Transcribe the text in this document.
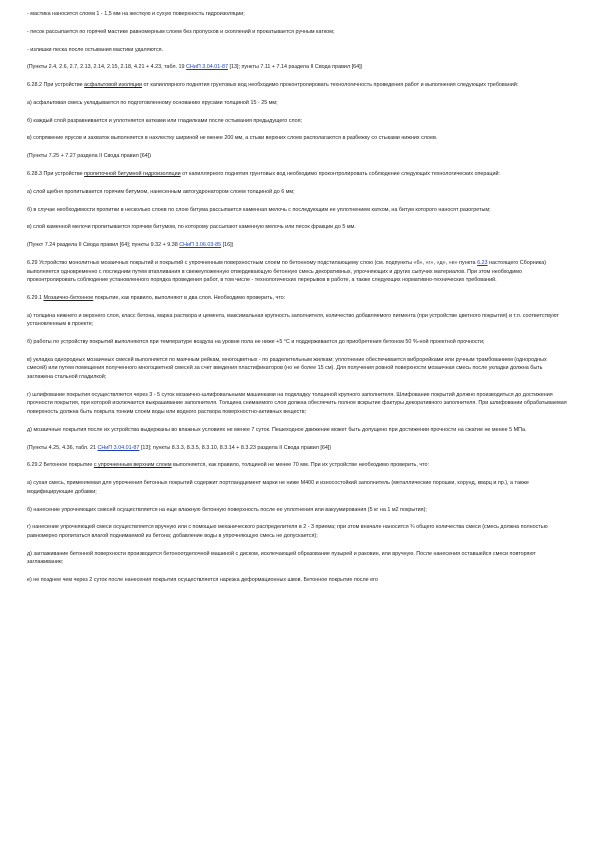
- мастика наносится слоем 1 - 1,5 мм на жесткую и сухую поверхность гидроизоляции;

- песок рассыпается по горячей мастике равномерным слоем без пропусков и скоплений и прокатывается ручным катком;

- излишки песка после остывания мастики удаляются.

(Пункты 2.4, 2.6, 2.7, 2.13, 2.14, 2.15, 2.18, 4.21 + 4.23, табл. 19 СНиП 3.04.01-87 [13]; пункты 7.11 + 7.14 раздела II Свода правил [64])

6.28.2 При устройстве асфальтовой изоляции от капиллярного поднятия грунтовых вод необходимо проконтролировать технологичность проведения работ и выполнения следующих требований:

а) асфальтовая смесь укладывается по подготовленному основанию ярусами толщиной 15 - 25 мм;

б) каждый слой разравнивается и уплотняется катками или гладилками после остывания предыдущего слоя;

в) сопряжение ярусов и захваток выполняется в нахлестку шириной не менее 200 мм, а стыки верхних слоев располагаются в разбежку со стыками нижних слоев.

(Пункты 7.25 + 7.27 раздела II Свода правил [64])

6.28.3 При устройстве пропиточной битумной гидроизоляции от капиллярного поднятия грунтовых вод необходимо проконтролировать соблюдение следующих технологических операций:

а) слой щебня пропитывается горячим битумом, нанесенным автогудронатором слоем толщиной до 6 мм;

б) в случае необходимости пропитки в несколько слоев по слою битума рассыпается каменная мелочь с последующим ее уплотнением катком, на битум которого наносят разогретым;

в) слой каменной мелочи пропитывается горячим битумом, по которому рассыпают каменную мелочь или песок фракции до 5 мм.

(Пункт 7.24 раздела II Свода правил [64]; пункты 9.32 + 9.38 СНиП 3.06.03-85 [16])

6.29 Устройство монолитных мозаичных покрытий и покрытий с упрочненным поверхностным слоем по бетонному подстилающему слою (см. подпункты «б», «г», «д», «е» пункта 6.23 настоящего Сборника) выполняется одновременно с последним путем втапливания в свежеуложенную отвердевающую бетонную смесь декоративных, упрочняющих и других сыпучих материалов. При этом необходимо проконтролировать соблюдение установленного порядка проведения работ, в том числе - технологических перерывов в работе, а также следующих нормативно-технических требований.

6.29.1 Мозаично-бетонное покрытие, как правило, выполняют в два слоя. Необходимо проверить, что:

а) толщина нижнего и верхнего слоя, класс бетона, марка раствора и цемента, максимальная крупность заполнителя, количество добавляемого пигмента (при устройстве цветного покрытия) и т.п. соответствуют установленным в проекте;

б) работы по устройству покрытий выполняются при температуре воздуха на уровне пола не ниже +5 °С и поддерживается до приобретения бетоном 50 %-ной проектной прочности;

в) укладка однородных мозаичных смесей выполняется по маячным рейкам, многоцветных - по разделительным жилкам; уплотнение обеспечивается виброрейками или ручным трамбованием (однородных смесей) или путем помещения полученного многоцветной смесей за счет введения пластификаторов (но не более 15 см). Для получения ровной поверхности мозаичная смесь после укладки должна быть заглажена стальной гладилкой;

г) шлифование покрытия осуществляется через 3 - 5 суток мозаично-шлифовальными машинками на подкладку толщиной крупного заполнителя. Шлифование покрытий должно производиться до достижения прочности покрытия, при которой исключается выкрашивание заполнителя. Толщина снимаемого слоя должна обеспечить полное вскрытие фактуры декоративного заполнителя. При шлифовании обрабатываемая поверхность должна быть покрыта тонким слоем воды или водного раствора поверхностно-активных веществ;

д) мозаичные покрытия после их устройства выдержаны во влажных условиях не менее 7 суток. Пешеходное движение может быть допущено при достижении прочности на сжатие не менее 5 МПа.

(Пункты 4.25, 4.36, табл. 21 СНиП 3.04.01-87 [13]; пункты 8.3.3, 8.3.5, 8.3.10, 8.3.14 + 8.3.23 раздела II Свода правил [64])

6.29.2 Бетонное покрытие с упрочненным верхним слоем выполняется, как правило, толщиной не менее 70 мм. При их устройстве необходимо проверить, что:

а) сухая смесь, применяемая для упрочнения бетонных покрытий содержит портландцемент марки не ниже М400 и износостойкий заполнитель (металлические порошки, корунд, кварц и пр.), а также модифицирующие добавки;

б) нанесение упрочняющих смесей осуществляется на еще влажную бетонную поверхность после ее уплотнения или вакуумирования (5 кг на 1 м2 покрытия);

г) нанесение упрочняющей смеси осуществляется вручную или с помощью механического распределителя в 2 - 3 приема; при этом вначале наносится ¾ общего количества смеси (смесь должна полностью равномерно пропитаться влагой поднимаемой из бетона; добавление воды в упрочняющую смесь не допускается);

д) заглаживание бетонной поверхности производится бетоноотделочной машиной с диском, исключающей образование пузырей и раковин, или вручную. После нанесения оставшейся смеси повторяют заглаживание;

е) не позднее чем через 2 суток после нанесения покрытия осуществляется нарезка деформационных швов. Бетонное покрытие после его
